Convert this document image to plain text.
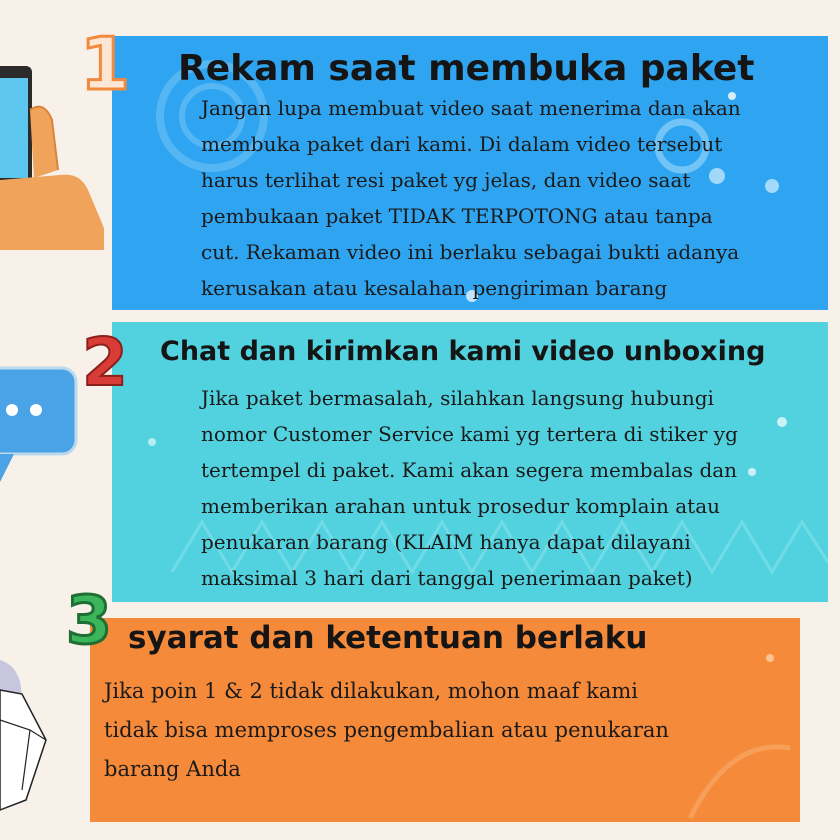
1
2
3
Rekam saat membuka paket
Chat dan kirimkan kami video unboxing
syarat dan ketentuan berlaku
Jangan lupa membuat video saat menerima dan akan
membuka paket dari kami. Di dalam video tersebut
harus terlihat resi paket yg jelas, dan video saat
pembukaan paket TIDAK TERPOTONG atau tanpa
cut. Rekaman video ini berlaku sebagai bukti adanya
kerusakan atau kesalahan pengiriman barang
Jika paket bermasalah, silahkan langsung hubungi
nomor Customer Service kami yg tertera di stiker yg
tertempel di paket. Kami akan segera membalas dan
memberikan arahan untuk prosedur komplain atau
penukaran barang (KLAIM hanya dapat dilayani
maksimal 3 hari dari tanggal penerimaan paket)
Jika poin 1 & 2 tidak dilakukan, mohon maaf kami
tidak bisa memproses pengembalian atau penukaran
barang Anda
